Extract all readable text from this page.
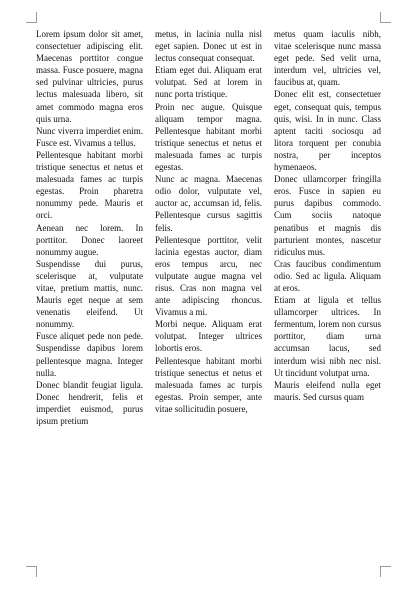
Lorem ipsum dolor sit amet, consectetuer adipiscing elit. Maecenas porttitor congue massa. Fusce posuere, magna sed pulvinar ultricies, purus lectus malesuada libero, sit amet commodo magna eros quis urna.

Nunc viverra imperdiet enim. Fusce est. Vivamus a tellus.

Pellentesque habitant morbi tristique senectus et netus et malesuada fames ac turpis egestas. Proin pharetra nonummy pede. Mauris et orci.

Aenean nec lorem. In porttitor. Donec laoreet nonummy augue.

Suspendisse dui purus, scelerisque at, vulputate vitae, pretium mattis, nunc. Mauris eget neque at sem venenatis eleifend. Ut nonummy.

Fusce aliquet pede non pede. Suspendisse dapibus lorem pellentesque magna. Integer nulla.

Donec blandit feugiat ligula. Donec hendrerit, felis et imperdiet euismod, purus ipsum pretium

metus, in lacinia nulla nisl eget sapien. Donec ut est in lectus consequat consequat.

Etiam eget dui. Aliquam erat volutpat. Sed at lorem in nunc porta tristique.

Proin nec augue. Quisque aliquam tempor magna. Pellentesque habitant morbi tristique senectus et netus et malesuada fames ac turpis egestas.

Nunc ac magna. Maecenas odio dolor, vulputate vel, auctor ac, accumsan id, felis. Pellentesque cursus sagittis felis.

Pellentesque porttitor, velit lacinia egestas auctor, diam eros tempus arcu, nec vulputate augue magna vel risus. Cras non magna vel ante adipiscing rhoncus. Vivamus a mi.

Morbi neque. Aliquam erat volutpat. Integer ultrices lobortis eros.

Pellentesque habitant morbi tristique senectus et netus et malesuada fames ac turpis egestas. Proin semper, ante vitae sollicitudin posuere,

metus quam iaculis nibh, vitae scelerisque nunc massa eget pede. Sed velit urna, interdum vel, ultricies vel, faucibus at, quam.

Donec elit est, consectetuer eget, consequat quis, tempus quis, wisi. In in nunc. Class aptent taciti sociosqu ad litora torquent per conubia nostra, per inceptos hymenaeos.

Donec ullamcorper fringilla eros. Fusce in sapien eu purus dapibus commodo. Cum sociis natoque penatibus et magnis dis parturient montes, nascetur ridiculus mus.

Cras faucibus condimentum odio. Sed ac ligula. Aliquam at eros.

Etiam at ligula et tellus ullamcorper ultrices. In fermentum, lorem non cursus porttitor, diam urna accumsan lacus, sed interdum wisi nibh nec nisl. Ut tincidunt volutpat urna.

Mauris eleifend nulla eget mauris. Sed cursus quam
